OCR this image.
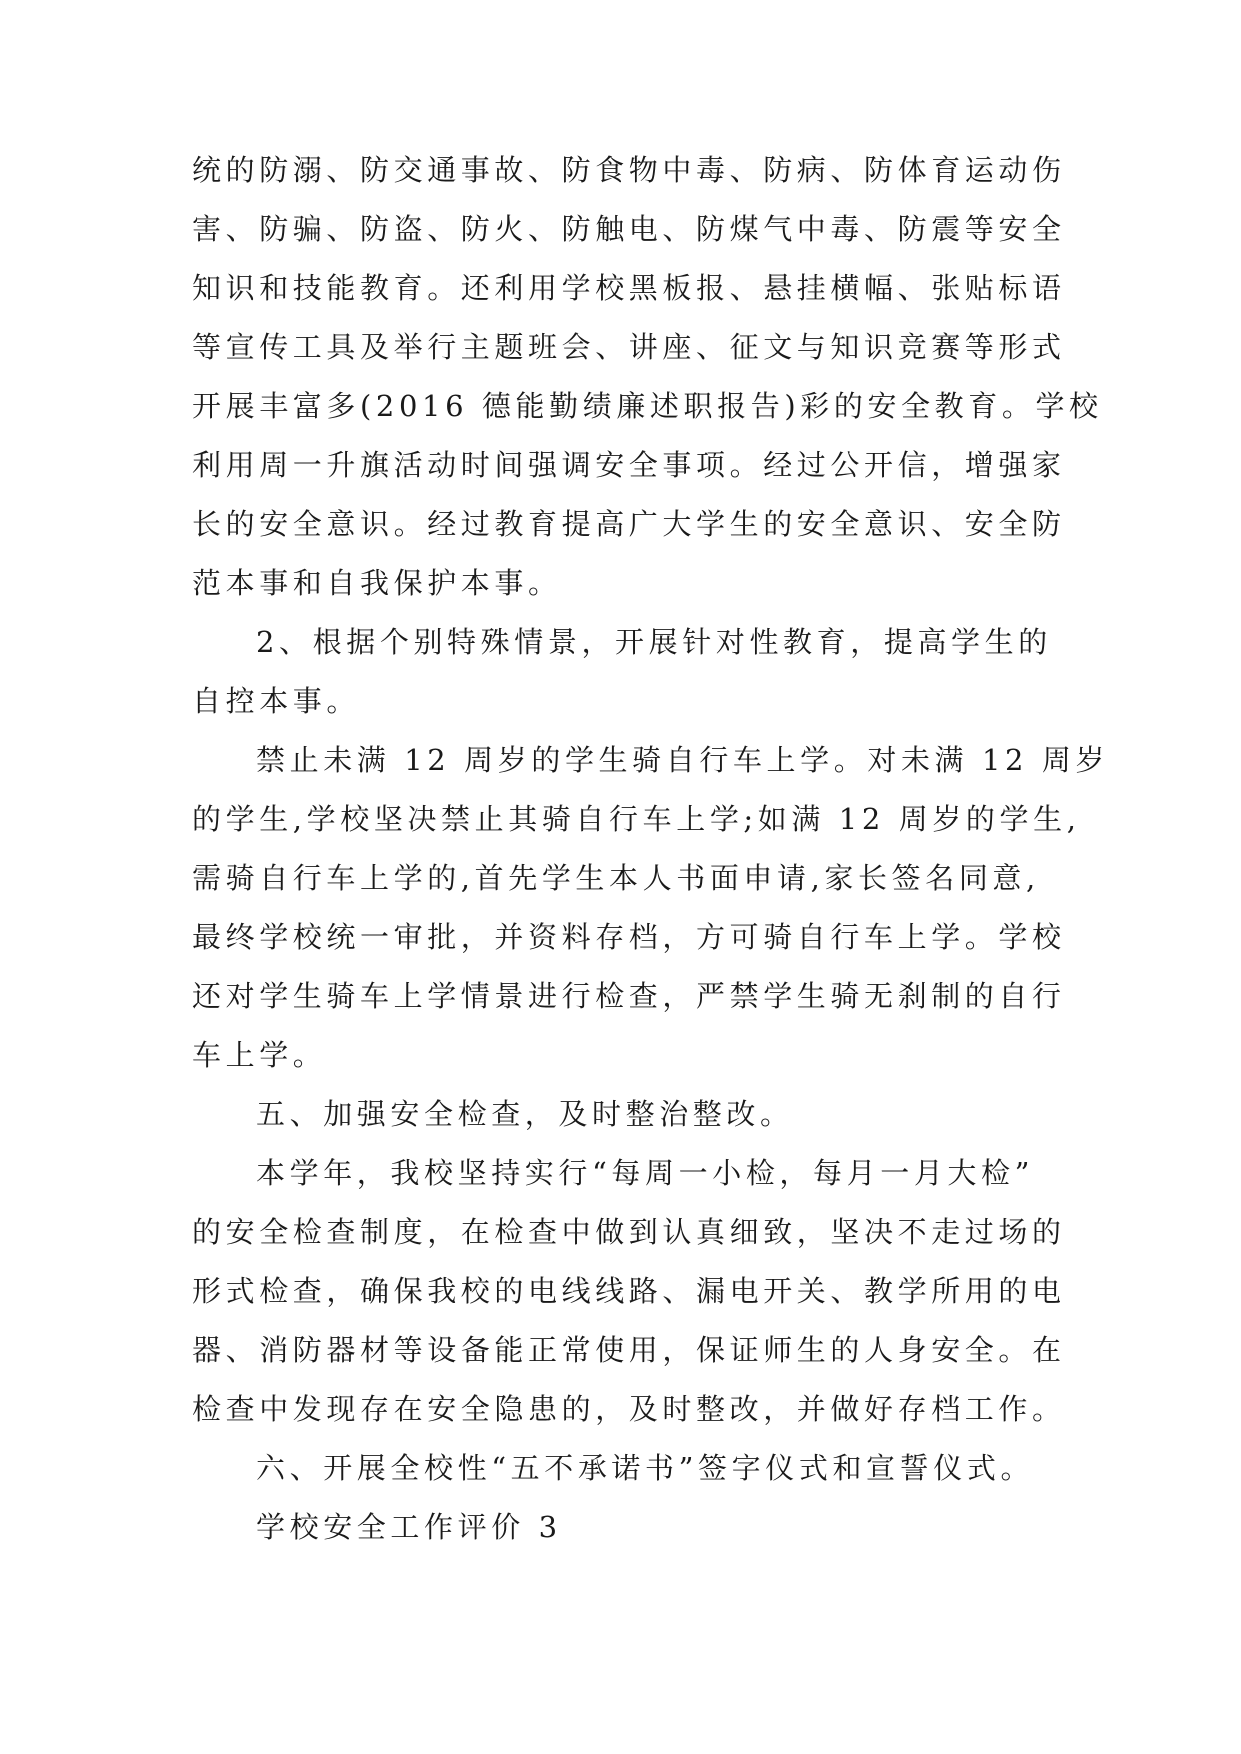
统的防溺、防交通事故、防食物中毒、防病、防体育运动伤
害、防骗、防盗、防火、防触电、防煤气中毒、防震等安全
知识和技能教育。还利用学校黑板报、悬挂横幅、张贴标语
等宣传工具及举行主题班会、讲座、征文与知识竞赛等形式
开展丰富多(2016 德能勤绩廉述职报告)彩的安全教育。学校
利用周一升旗活动时间强调安全事项。经过公开信，增强家
长的安全意识。经过教育提高广大学生的安全意识、安全防
范本事和自我保护本事。
2、根据个别特殊情景，开展针对性教育，提高学生的
自控本事。
禁止未满 12 周岁的学生骑自行车上学。对未满 12 周岁
的学生,学校坚决禁止其骑自行车上学;如满 12 周岁的学生,
需骑自行车上学的,首先学生本人书面申请,家长签名同意,
最终学校统一审批，并资料存档，方可骑自行车上学。学校
还对学生骑车上学情景进行检查，严禁学生骑无刹制的自行
车上学。
五、加强安全检查，及时整治整改。
本学年，我校坚持实行“每周一小检，每月一月大检”
的安全检查制度，在检查中做到认真细致，坚决不走过场的
形式检查，确保我校的电线线路、漏电开关、教学所用的电
器、消防器材等设备能正常使用，保证师生的人身安全。在
检查中发现存在安全隐患的，及时整改，并做好存档工作。
六、开展全校性“五不承诺书”签字仪式和宣誓仪式。
学校安全工作评价 3
